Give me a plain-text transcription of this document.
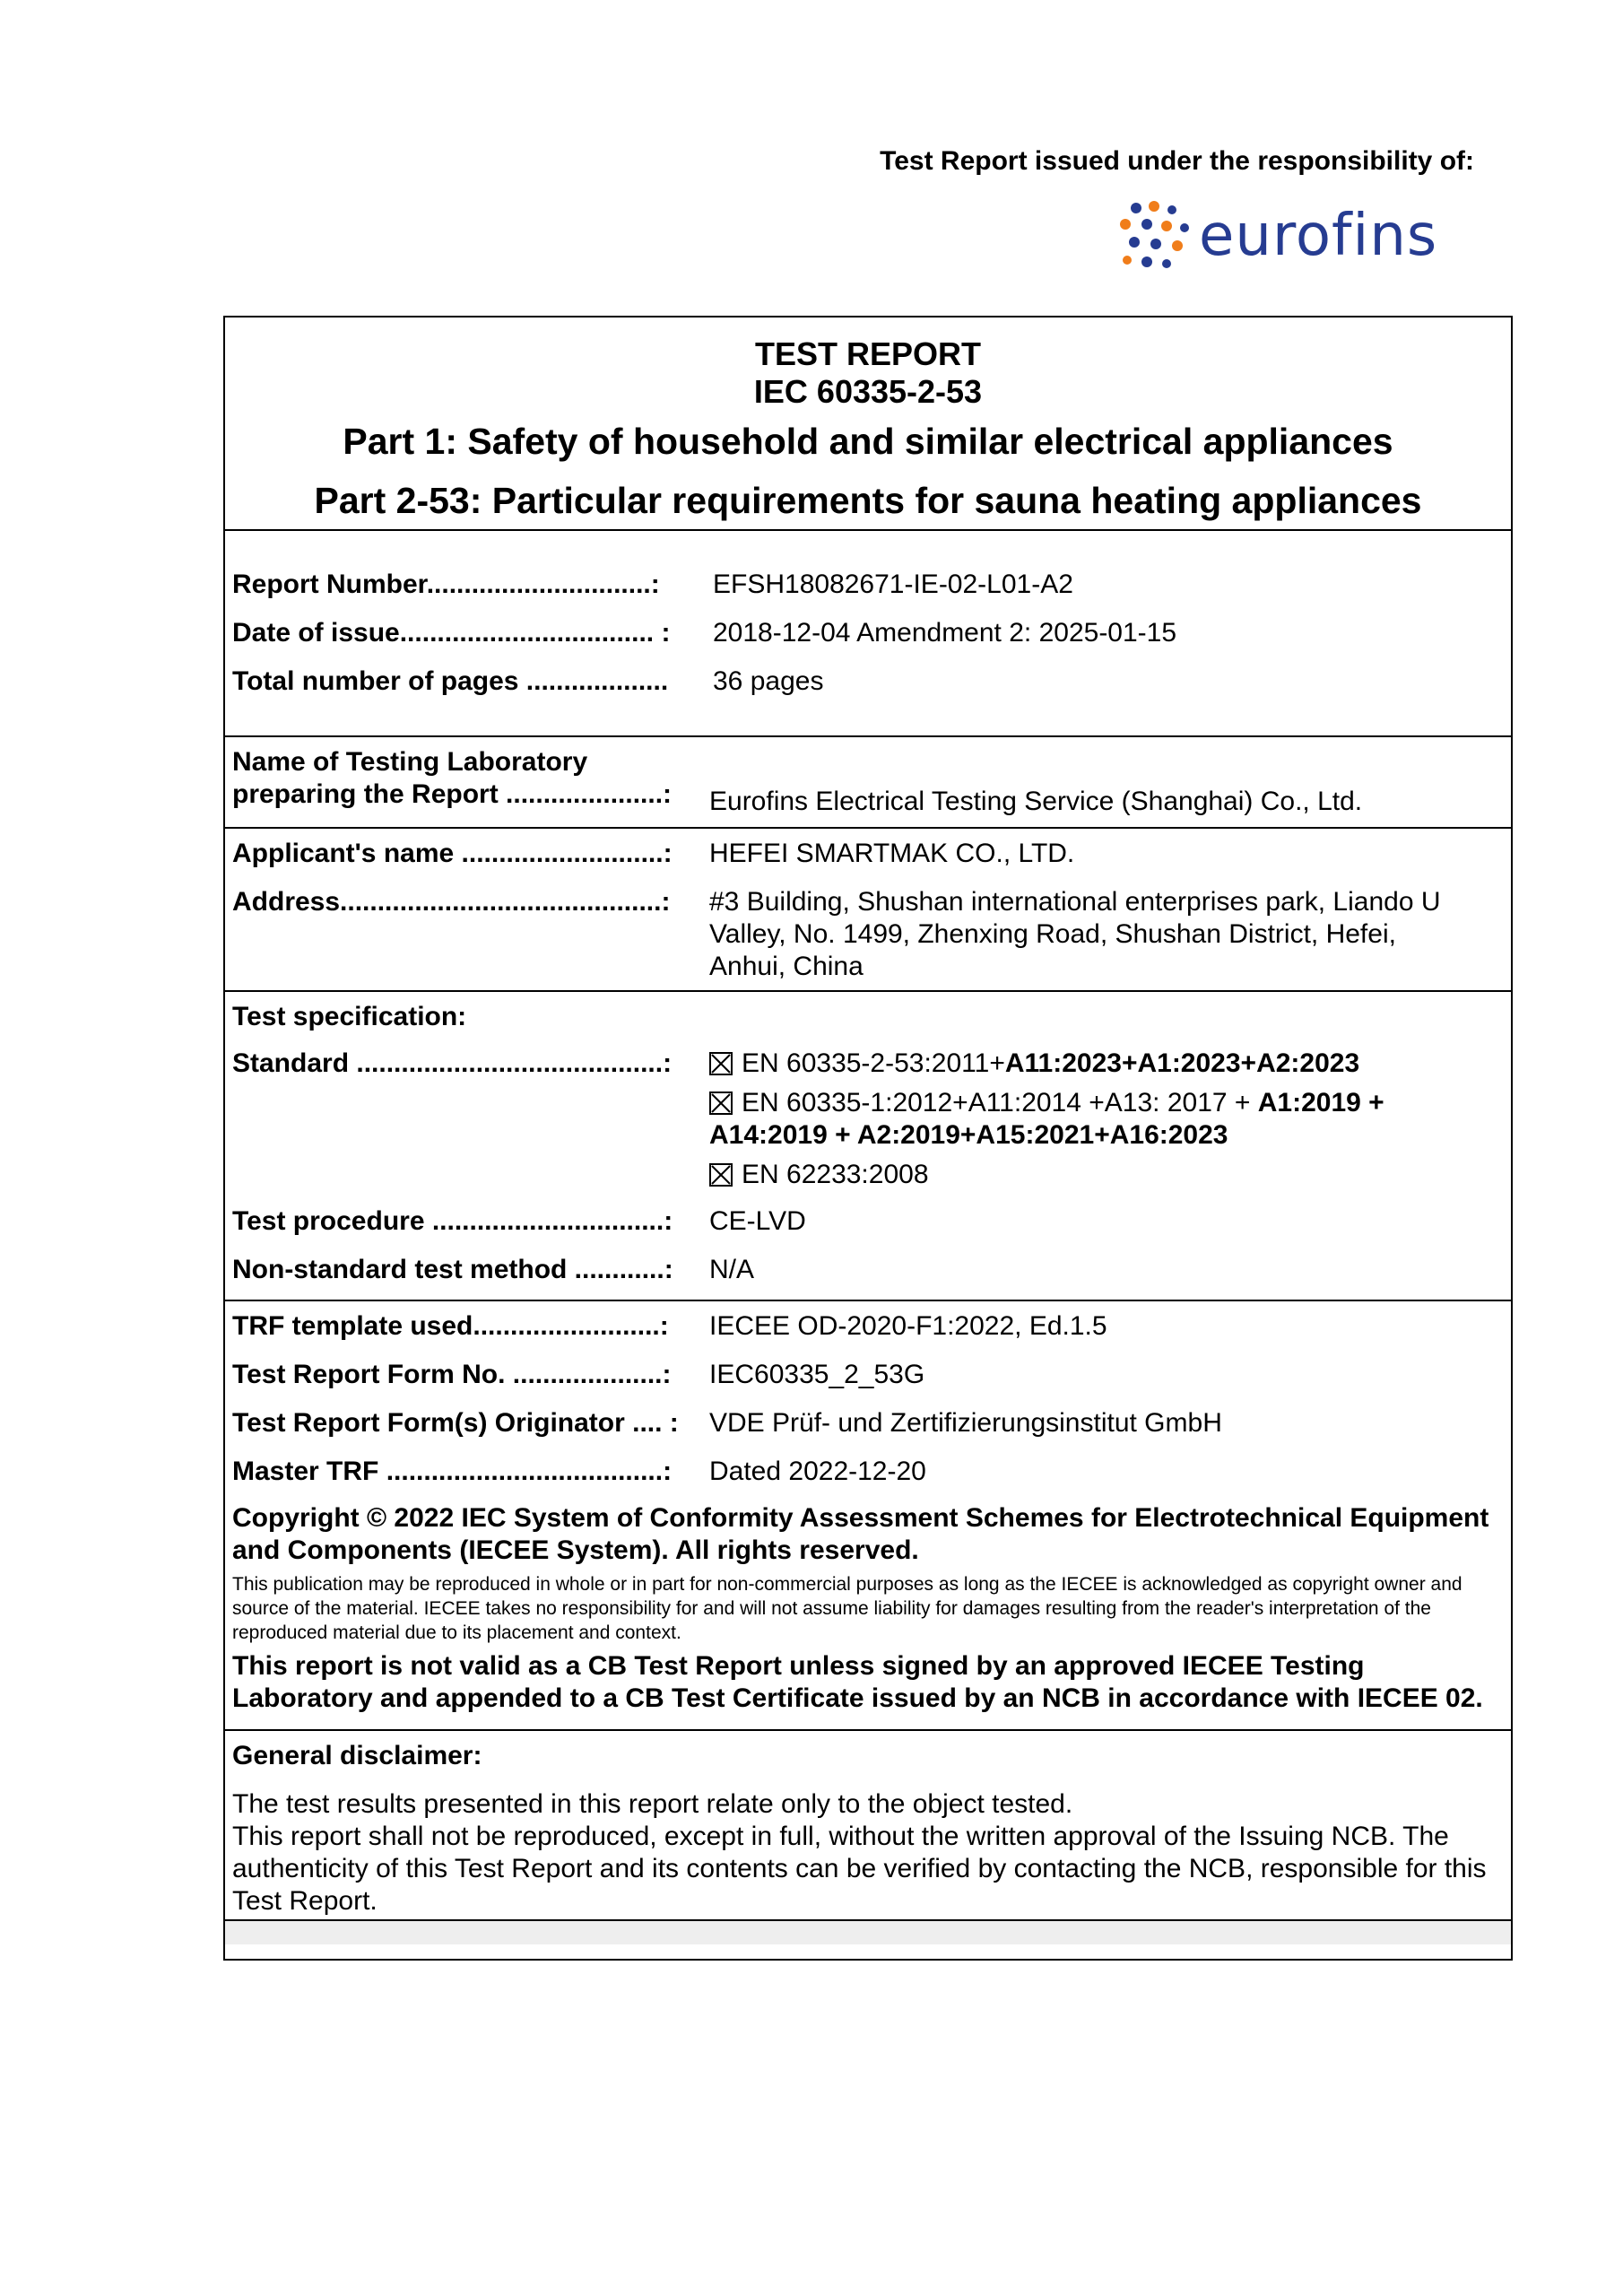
Test Report issued under the responsibility of:
eurofins
TEST REPORT
IEC 60335-2-53
Part 1: Safety of household and similar electrical appliances
Part 2-53: Particular requirements for sauna heating appliances
Report Number..............................:	EFSH18082671-IE-02-L01-A2
Date of issue.................................. :	2018-12-04 Amendment 2: 2025-01-15
Total number of pages ...................	36 pages
Name of Testing Laboratory
preparing the Report .....................:	Eurofins Electrical Testing Service (Shanghai) Co., Ltd.
Applicant's name ...........................:	HEFEI SMARTMAK CO., LTD.
Address...........................................:	#3 Building, Shushan international enterprises park, Liando U
Valley, No. 1499, Zhenxing Road, Shushan District, Hefei,
Anhui, China
Test specification:
Standard .........................................:	EN 60335-2-53:2011+A11:2023+A1:2023+A2:2023
EN 60335-1:2012+A11:2014 +A13: 2017 + A1:2019 +
A14:2019 + A2:2019+A15:2021+A16:2023
EN 62233:2008
Test procedure ...............................:	CE-LVD
Non-standard test method ............:	N/A
TRF template used.........................:	IECEE OD-2020-F1:2022, Ed.1.5
Test Report Form No. ....................:	IEC60335_2_53G
Test Report Form(s) Originator .... :	VDE Prüf- und Zertifizierungsinstitut GmbH
Master TRF .....................................:	Dated 2022-12-20
Copyright © 2022 IEC System of Conformity Assessment Schemes for Electrotechnical Equipment and Components (IECEE System). All rights reserved.
This publication may be reproduced in whole or in part for non-commercial purposes as long as the IECEE is acknowledged as copyright owner and source of the material. IECEE takes no responsibility for and will not assume liability for damages resulting from the reader's interpretation of the reproduced material due to its placement and context.
This report is not valid as a CB Test Report unless signed by an approved IECEE Testing Laboratory and appended to a CB Test Certificate issued by an NCB in accordance with IECEE 02.
General disclaimer:
The test results presented in this report relate only to the object tested.
This report shall not be reproduced, except in full, without the written approval of the Issuing NCB. The authenticity of this Test Report and its contents can be verified by contacting the NCB, responsible for this Test Report.
